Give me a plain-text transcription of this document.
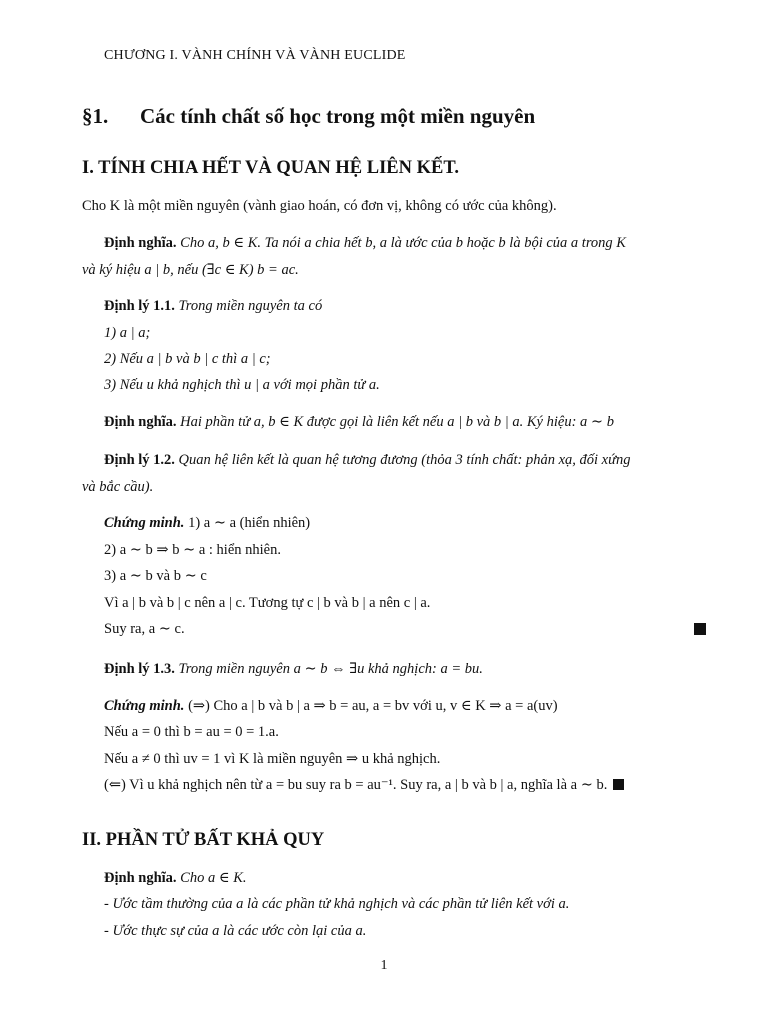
CHƯƠNG I. VÀNH CHÍNH VÀ VÀNH EUCLIDE
§1. Các tính chất số học trong một miền nguyên
I. TÍNH CHIA HẾT VÀ QUAN HỆ LIÊN KẾT.
Cho K là một miền nguyên (vành giao hoán, có đơn vị, không có ước của không).
Định nghĩa. Cho a, b ∈ K. Ta nói a chia hết b, a là ước của b hoặc b là bội của a trong K
và ký hiệu a | b, nếu (∃c ∈ K) b = ac.
Định lý 1.1. Trong miền nguyên ta có
1) a | a;
2) Nếu a | b và b | c thì a | c;
3) Nếu u khả nghịch thì u | a với mọi phần tử a.
Định nghĩa. Hai phần tử a, b ∈ K được gọi là liên kết nếu a | b và b | a. Ký hiệu: a ∼ b
Định lý 1.2. Quan hệ liên kết là quan hệ tương đương (thỏa 3 tính chất: phản xạ, đối xứng
và bắc cầu).
Chứng minh. 1) a ∼ a (hiển nhiên)
2) a ∼ b ⇒ b ∼ a : hiển nhiên.
3) a ∼ b và b ∼ c
Vì a | b và b | c nên a | c. Tương tự c | b và b | a nên c | a.
Suy ra, a ∼ c.
Định lý 1.3. Trong miền nguyên a ∼ b ⇔ ∃u khả nghịch: a = bu.
Chứng minh. (⇒) Cho a | b và b | a ⇒ b = au, a = bv với u, v ∈ K ⇒ a = a(uv)
Nếu a = 0 thì b = au = 0 = 1.a.
Nếu a ≠ 0 thì uv = 1 vì K là miền nguyên ⇒ u khả nghịch.
(⇐) Vì u khả nghịch nên từ a = bu suy ra b = au⁻¹. Suy ra, a | b và b | a, nghĩa là a ∼ b.
II. PHẦN TỬ BẤT KHẢ QUY
Định nghĩa. Cho a ∈ K.
- Ước tầm thường của a là các phần tử khả nghịch và các phần tử liên kết với a.
- Ước thực sự của a là các ước còn lại của a.
1
